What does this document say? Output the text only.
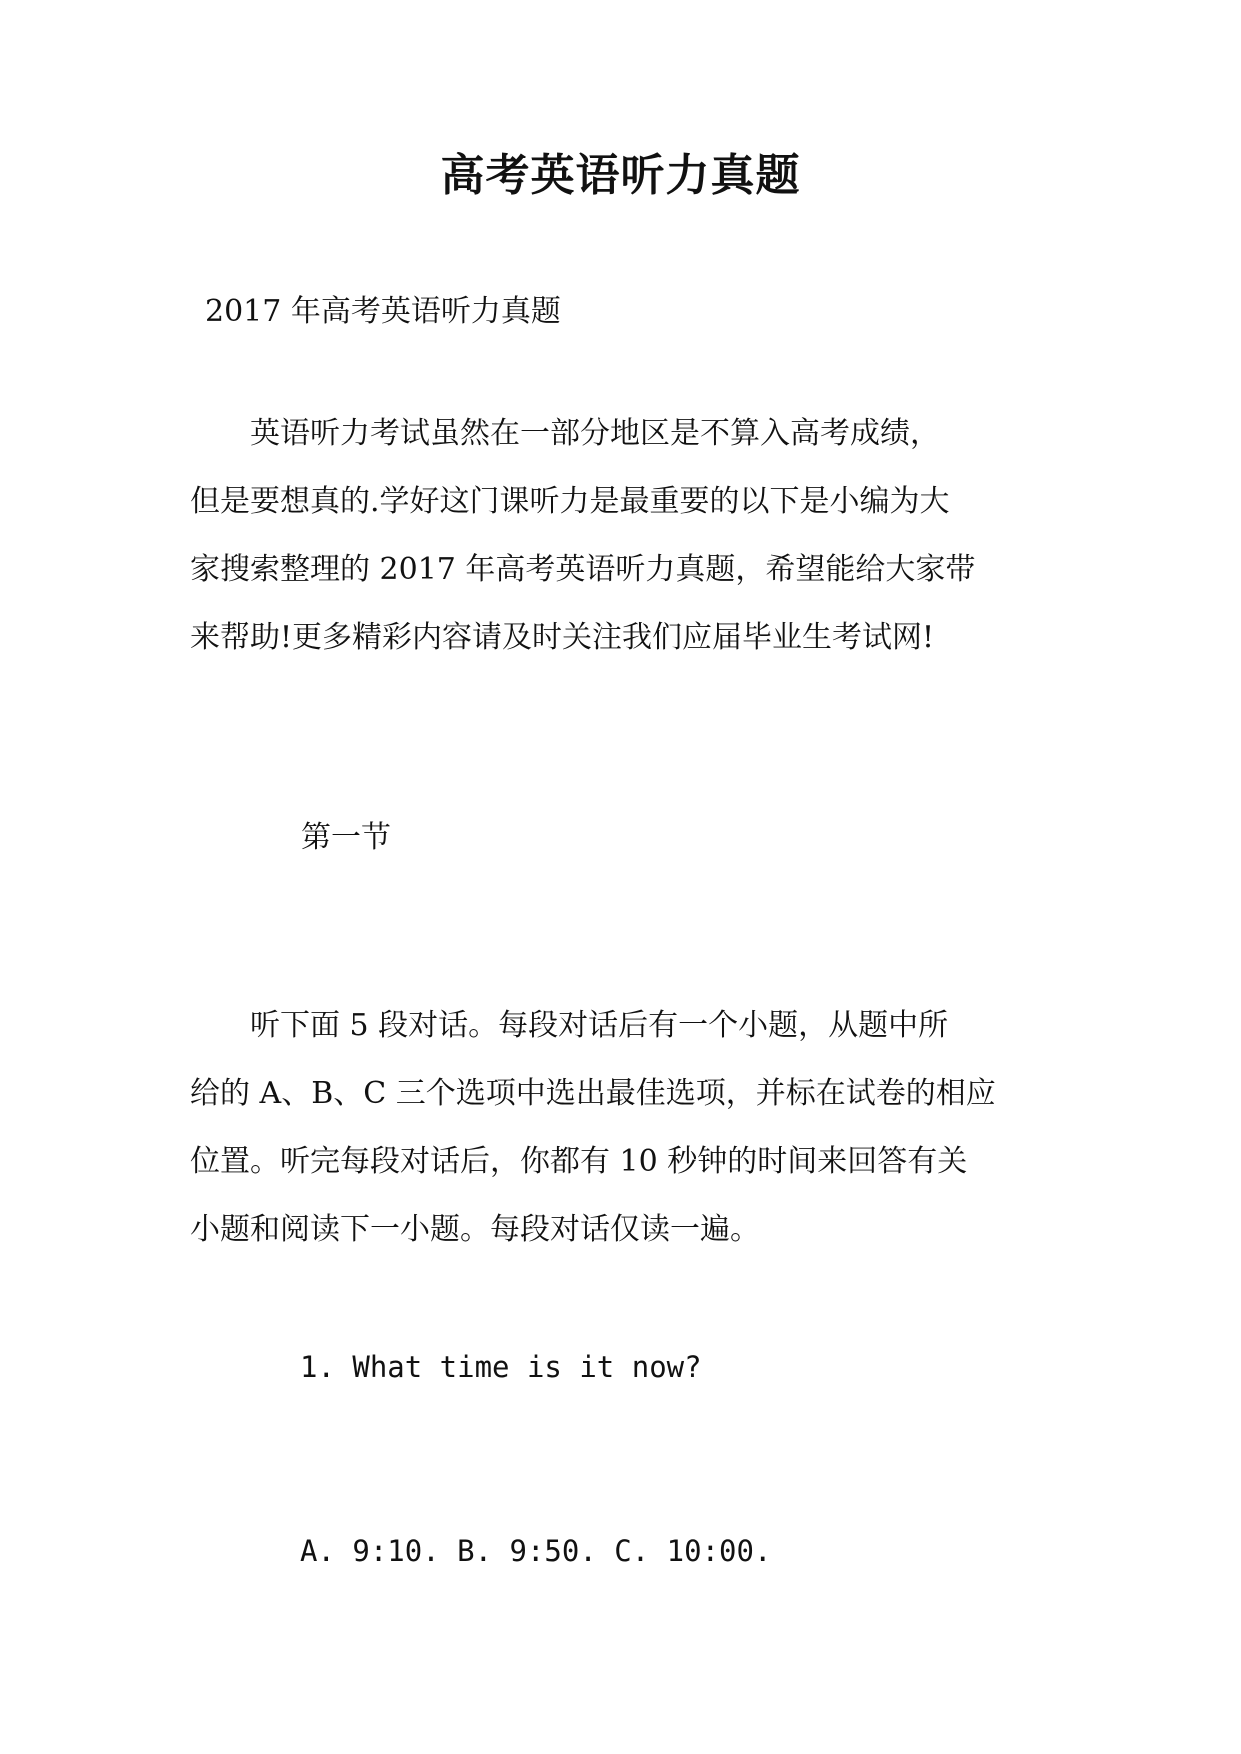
高考英语听力真题
2017 年高考英语听力真题
　　英语听力考试虽然在一部分地区是不算入高考成绩，
但是要想真的.学好这门课听力是最重要的以下是小编为大
家搜索整理的 2017 年高考英语听力真题，希望能给大家带
来帮助!更多精彩内容请及时关注我们应届毕业生考试网!
第一节
　　听下面 5 段对话。每段对话后有一个小题，从题中所
给的 A、B、C 三个选项中选出最佳选项，并标在试卷的相应
位置。听完每段对话后，你都有 10 秒钟的时间来回答有关
小题和阅读下一小题。每段对话仅读一遍。
1. What time is it now?
A. 9:10. B. 9:50. C. 10:00.
